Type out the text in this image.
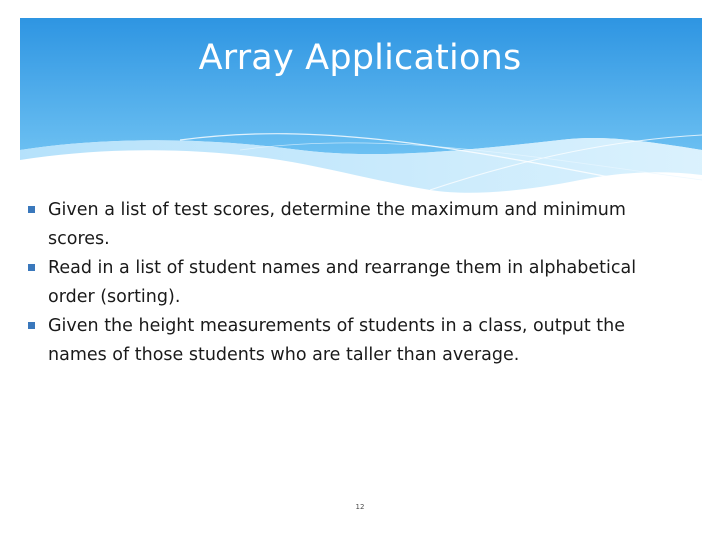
Array Applications
Given a list of test scores, determine the maximum and minimum scores.
Read in a list of student names and rearrange them in alphabetical order (sorting).
Given the height measurements of students in a class, output the names of those students who are taller than average.
12
